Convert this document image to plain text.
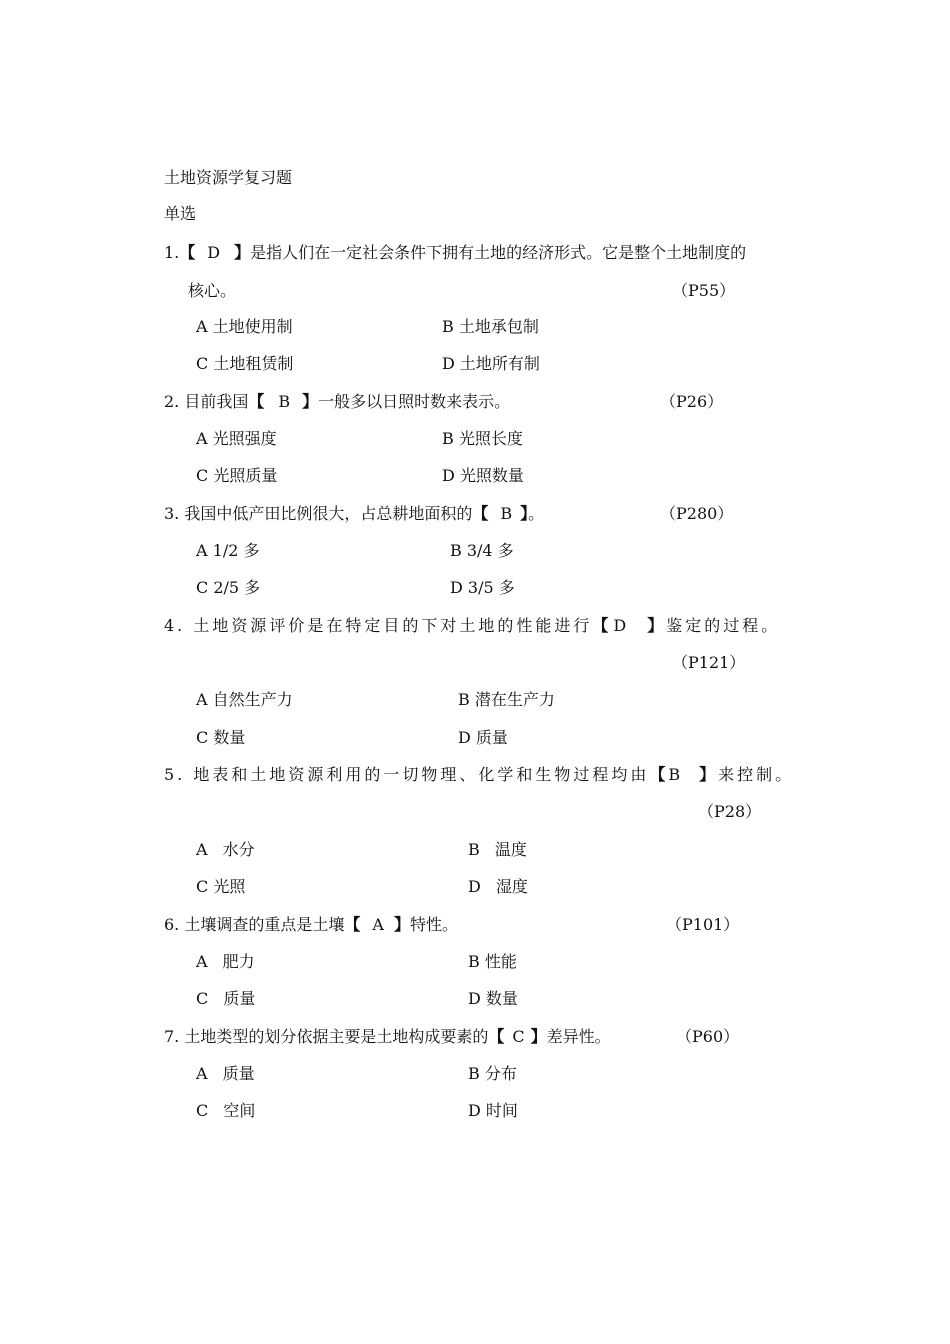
土地资源学复习题
单选
1.【 D 】是指人们在一定社会条件下拥有土地的经济形式。它是整个土地制度的
核心。	（P55）
A 土地使用制	B 土地承包制
C 土地租赁制	D 土地所有制
2. 目前我国【 B 】一般多以日照时数来表示。	（P26）
A 光照强度	B 光照长度
C 光照质量	D 光照数量
3. 我国中低产田比例很大，占总耕地面积的【 B 】。	（P280）
A 1/2 多	B 3/4 多
C 2/5 多	D 3/5 多
4. 土地资源评价是在特定目的下对土地的性能进行【 D 】鉴定的过程。
（P121）
A 自然生产力	B 潜在生产力
C 数量	D 质量
5. 地表和土地资源利用的一切物理、化学和生物过程均由【B 】来控制。
（P28）
A 水分	B 温度
C 光照	D 湿度
6. 土壤调查的重点是土壤【 A 】特性。	（P101）
A 肥力	B 性能
C 质量	D 数量
7. 土地类型的划分依据主要是土地构成要素的【 C 】差异性。	（P60）
A 质量	B 分布
C 空间	D 时间
